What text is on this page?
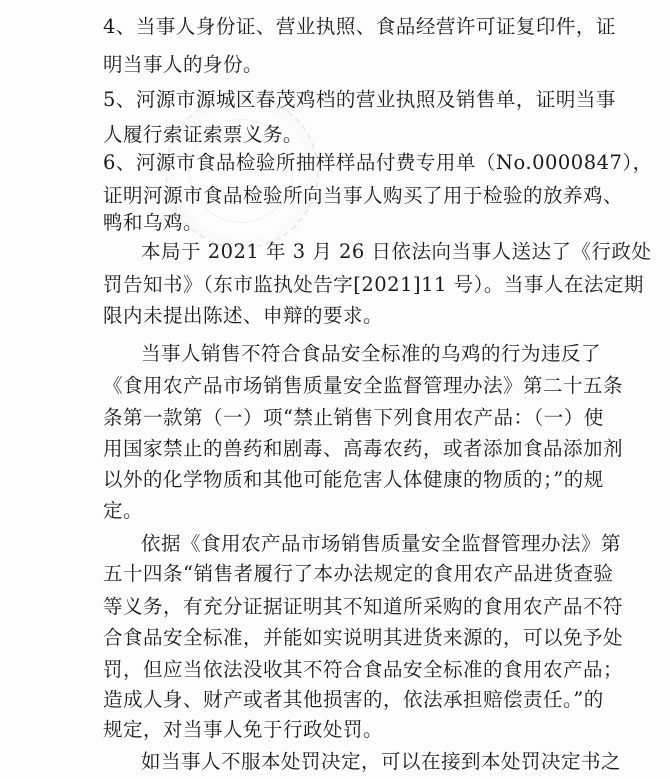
4、当事人身份证、营业执照、食品经营许可证复印件，证
明当事人的身份。
5、河源市源城区春茂鸡档的营业执照及销售单，证明当事
人履行索证索票义务。
6、河源市食品检验所抽样样品付费专用单（No.0000847），
证明河源市食品检验所向当事人购买了用于检验的放养鸡、
鸭和乌鸡。
本局于 2021 年 3 月 26 日依法向当事人送达了《行政处
罚告知书》（东市监执处告字[2021]11 号）。当事人在法定期
限内未提出陈述、申辩的要求。
当事人销售不符合食品安全标准的乌鸡的行为违反了
《食用农产品市场销售质量安全监督管理办法》第二十五条
条第一款第（一）项“禁止销售下列食用农产品：（一）使
用国家禁止的兽药和剧毒、高毒农药，或者添加食品添加剂
以外的化学物质和其他可能危害人体健康的物质的；”的规
定。
依据《食用农产品市场销售质量安全监督管理办法》第
五十四条“销售者履行了本办法规定的食用农产品进货查验
等义务，有充分证据证明其不知道所采购的食用农产品不符
合食品安全标准，并能如实说明其进货来源的，可以免予处
罚，但应当依法没收其不符合食品安全标准的食用农产品；
造成人身、财产或者其他损害的，依法承担赔偿责任。”的
规定，对当事人免于行政处罚。
如当事人不服本处罚决定，可以在接到本处罚决定书之
